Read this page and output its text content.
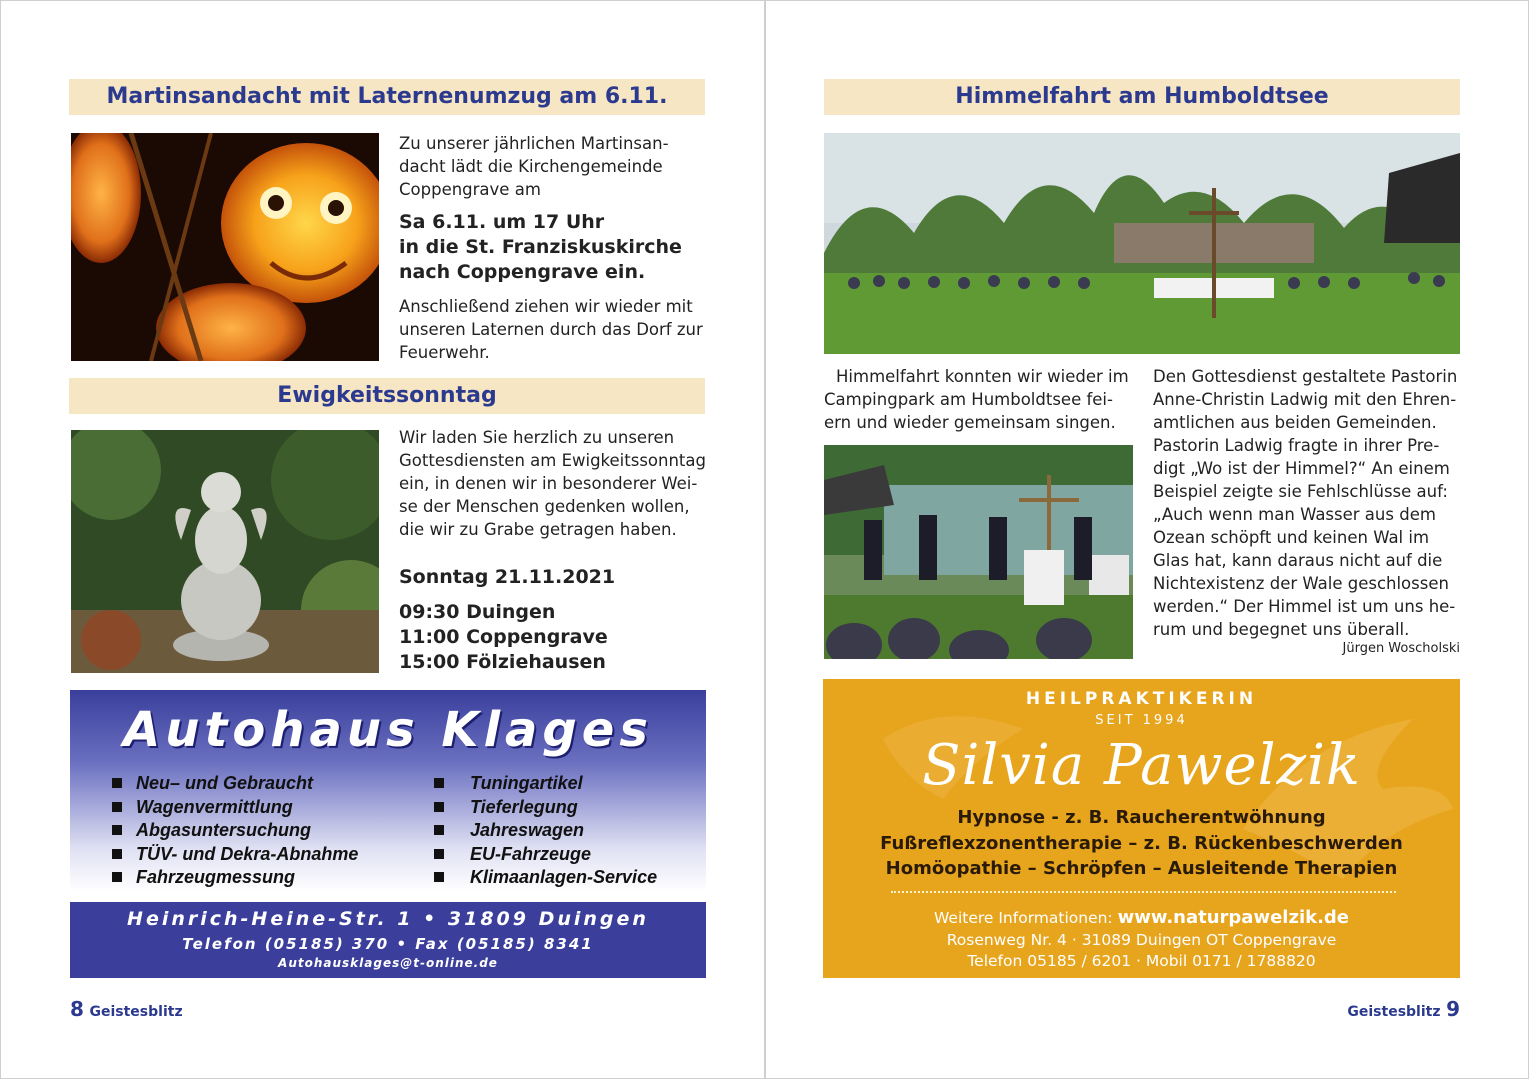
Martinsandacht mit Laternenumzug am 6.11.
Zu unserer jährlichen Martinsan-
dacht lädt die Kirchengemeinde
Coppengrave am
Sa 6.11. um 17 Uhr
in die St. Franziskuskirche
nach Coppengrave ein.
Anschließend ziehen wir wieder mit
unseren Laternen durch das Dorf zur
Feuerwehr.
Ewigkeitssonntag
Wir laden Sie herzlich zu unseren
Gottesdiensten am Ewigkeitssonntag
ein, in denen wir in besonderer Wei-
se der Menschen gedenken wollen,
die wir zu Grabe getragen haben.
Sonntag 21.11.2021
09:30 Duingen
11:00 Coppengrave
15:00 Fölziehausen
Autohaus Klages
Neu– und Gebraucht
Wagenvermittlung
Abgasuntersuchung
TÜV- und Dekra-Abnahme
Fahrzeugmessung
Tuningartikel
Tieferlegung
Jahreswagen
EU-Fahrzeuge
Klimaanlagen-Service
Heinrich-Heine-Str. 1 • 31809 Duingen
Telefon (05185) 370 • Fax (05185) 8341
Autohausklages@t-online.de
8 Geistesblitz
Himmelfahrt am Humboldtsee
Himmelfahrt konnten wir wieder im
Campingpark am Humboldtsee fei-
ern und wieder gemeinsam singen.
Den Gottesdienst gestaltete Pastorin
Anne-Christin Ladwig mit den Ehren-
amtlichen aus beiden Gemeinden.
Pastorin Ladwig fragte in ihrer Pre-
digt „Wo ist der Himmel?“ An einem
Beispiel zeigte sie Fehlschlüsse auf:
„Auch wenn man Wasser aus dem
Ozean schöpft und keinen Wal im
Glas hat, kann daraus nicht auf die
Nichtexistenz der Wale geschlossen
werden.“ Der Himmel ist um uns he-
rum und begegnet uns überall.
Jürgen Woscholski
HEILPRAKTIKERIN
SEIT 1994
Silvia Pawelzik
Hypnose - z. B. Raucherentwöhnung
Fußreflexzonentherapie – z. B. Rückenbeschwerden
Homöopathie – Schröpfen – Ausleitende Therapien
Weitere Informationen: www.naturpawelzik.de
Rosenweg Nr. 4 · 31089 Duingen OT Coppengrave
Telefon 05185 / 6201 · Mobil 0171 / 1788820
Geistesblitz 9
